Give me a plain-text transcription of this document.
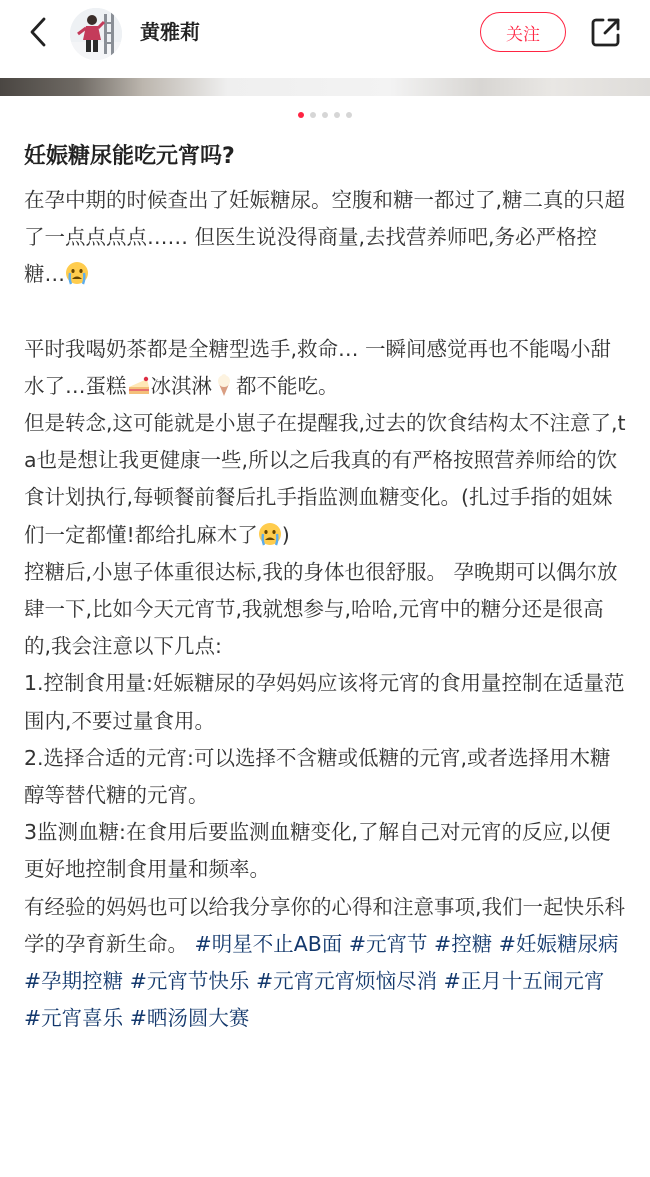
黄雅莉	关注
妊娠糖尿能吃元宵吗?

在孕中期的时候查出了妊娠糖尿。空腹和糖一都过了,糖二真的只超了一点点点点…… 但医生说没得商量,去找营养师吧,务必严格控糖…

平时我喝奶茶都是全糖型选手,救命… 一瞬间感觉再也不能喝小甜水了…蛋糕 冰淇淋 都不能吃。

但是转念,这可能就是小崽子在提醒我,过去的饮食结构太不注意了,ta也是想让我更健康一些,所以之后我真的有严格按照营养师给的饮食计划执行,每顿餐前餐后扎手指监测血糖变化。(扎过手指的姐妹们一定都懂!都给扎麻木了 )

控糖后,小崽子体重很达标,我的身体也很舒服。 孕晚期可以偶尔放肆一下,比如今天元宵节,我就想参与,哈哈,元宵中的糖分还是很高的,我会注意以下几点:

1.控制食用量:妊娠糖尿的孕妈妈应该将元宵的食用量控制在适量范围内,不要过量食用。

2.选择合适的元宵:可以选择不含糖或低糖的元宵,或者选择用木糖醇等替代糖的元宵。

3监测血糖:在食用后要监测血糖变化,了解自己对元宵的反应,以便更好地控制食用量和频率。

有经验的妈妈也可以给我分享你的心得和注意事项,我们一起快乐科学的孕育新生命。 #明星不止AB面 #元宵节 #控糖 #妊娠糖尿病 #孕期控糖 #元宵节快乐 #元宵元宵烦恼尽消 #正月十五闹元宵 #元宵喜乐 #晒汤圆大赛
